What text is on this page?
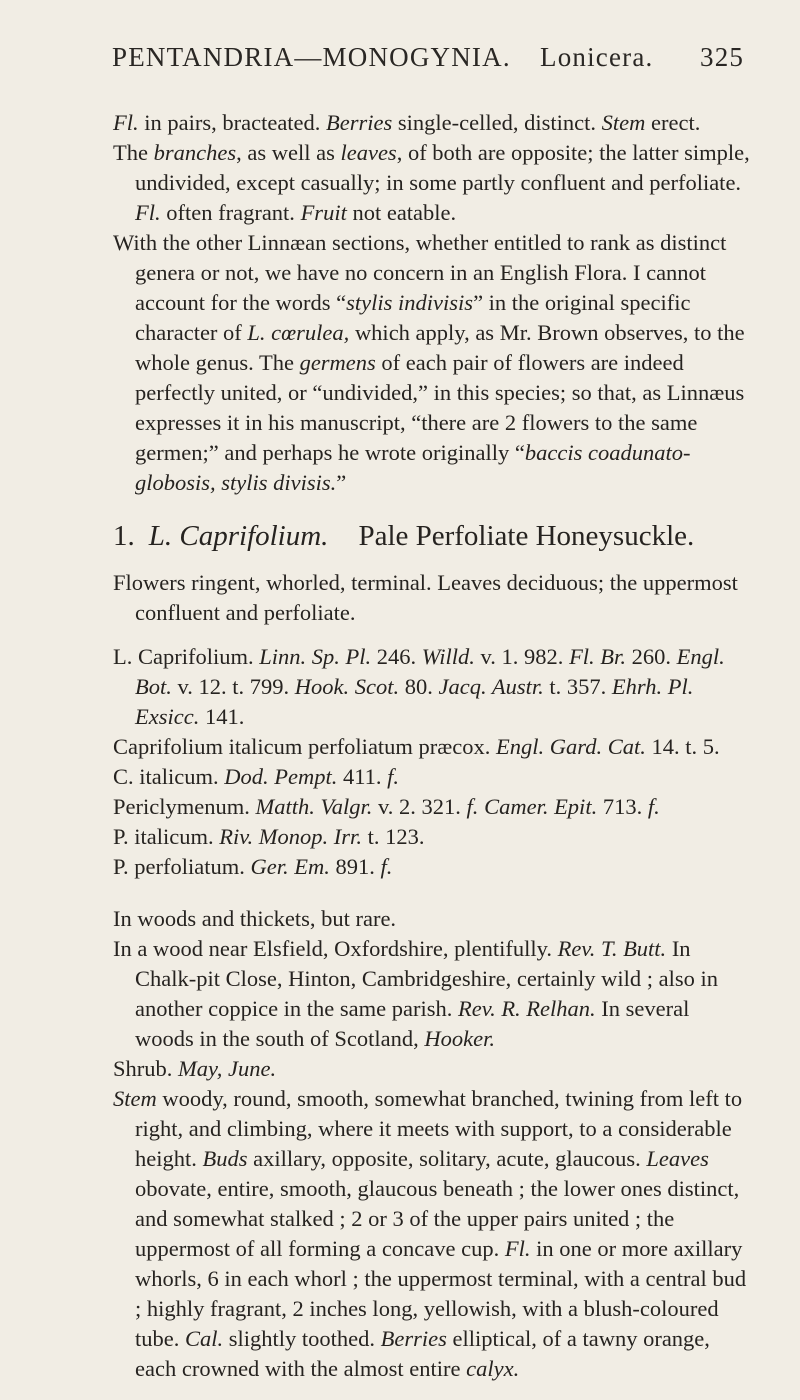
PENTANDRIA—MONOGYNIA. Lonicera. 325

Fl. in pairs, bracteated. Berries single-celled, distinct. Stem erect.

The branches, as well as leaves, of both are opposite; the latter simple, undivided, except casually; in some partly confluent and perfoliate. Fl. often fragrant. Fruit not eatable.

With the other Linnæan sections, whether entitled to rank as distinct genera or not, we have no concern in an English Flora. I cannot account for the words “stylis indivisis” in the original specific character of L. cœrulea, which apply, as Mr. Brown observes, to the whole genus. The germens of each pair of flowers are indeed perfectly united, or “undivided,” in this species; so that, as Linnæus expresses it in his manuscript, “there are 2 flowers to the same germen;” and perhaps he wrote originally “baccis coadunato-globosis, stylis divisis.”

1. L. Caprifolium. Pale Perfoliate Honeysuckle.

Flowers ringent, whorled, terminal. Leaves deciduous; the uppermost confluent and perfoliate.

L. Caprifolium. Linn. Sp. Pl. 246. Willd. v. 1. 982. Fl. Br. 260. Engl. Bot. v. 12. t. 799. Hook. Scot. 80. Jacq. Austr. t. 357. Ehrh. Pl. Exsicc. 141.

Caprifolium italicum perfoliatum præcox. Engl. Gard. Cat. 14. t. 5.

C. italicum. Dod. Pempt. 411. f.

Periclymenum. Matth. Valgr. v. 2. 321. f. Camer. Epit. 713. f.

P. italicum. Riv. Monop. Irr. t. 123.

P. perfoliatum. Ger. Em. 891. f.

In woods and thickets, but rare.

In a wood near Elsfield, Oxfordshire, plentifully. Rev. T. Butt. In Chalk-pit Close, Hinton, Cambridgeshire, certainly wild ; also in another coppice in the same parish. Rev. R. Relhan. In several woods in the south of Scotland, Hooker.

Shrub. May, June.

Stem woody, round, smooth, somewhat branched, twining from left to right, and climbing, where it meets with support, to a considerable height. Buds axillary, opposite, solitary, acute, glaucous. Leaves obovate, entire, smooth, glaucous beneath ; the lower ones distinct, and somewhat stalked ; 2 or 3 of the upper pairs united ; the uppermost of all forming a concave cup. Fl. in one or more axillary whorls, 6 in each whorl ; the uppermost terminal, with a central bud ; highly fragrant, 2 inches long, yellowish, with a blush-coloured tube. Cal. slightly toothed. Berries elliptical, of a tawny orange, each crowned with the almost entire calyx.
